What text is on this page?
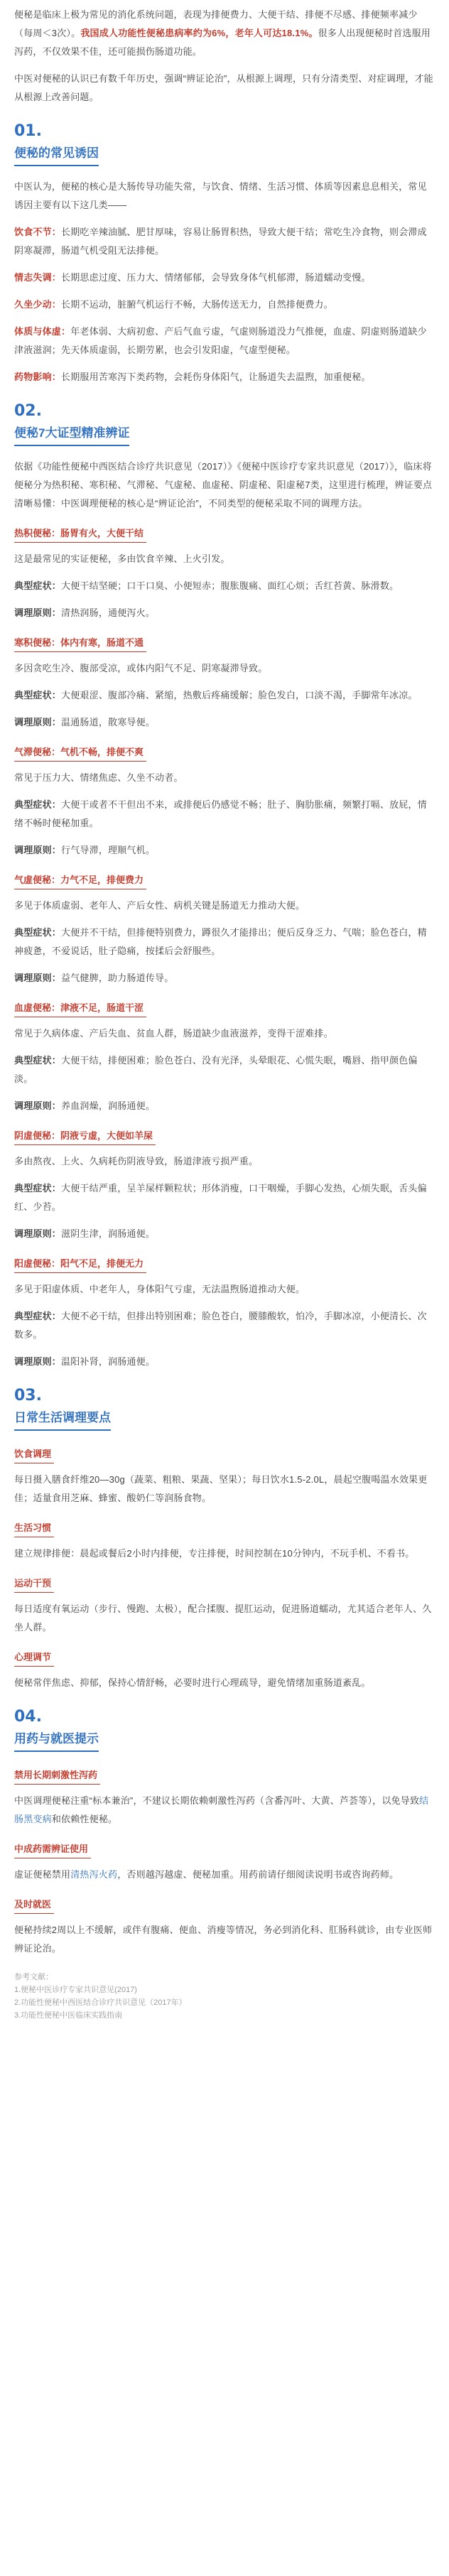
便秘是临床上极为常见的消化系统问题，表现为排便费力、大便干结、排便不尽感、排便频率减少（每周＜3次）。我国成人功能性便秘患病率约为6%，老年人可达18.1%。很多人出现便秘时首选服用泻药，不仅效果不佳，还可能损伤肠道功能。

中医对便秘的认识已有数千年历史，强调“辨证论治”，从根源上调理，只有分清类型、对症调理，才能从根源上改善问题。

01.
便秘的常见诱因

中医认为，便秘的核心是大肠传导功能失常，与饮食、情绪、生活习惯、体质等因素息息相关，常见诱因主要有以下这几类——

饮食不节：长期吃辛辣油腻、肥甘厚味，容易让肠胃积热，导致大便干结；常吃生冷食物，则会滞成阴寒凝滞，肠道气机受阻无法排便。

情志失调：长期思虑过度、压力大、情绪郁郁，会导致身体气机郁滞，肠道蠕动变慢。

久坐少动：长期不运动，脏腑气机运行不畅，大肠传送无力，自然排便费力。

体质与体虚：年老体弱、大病初愈、产后气血亏虚，气虚则肠道没力气推便，血虚、阴虚则肠道缺少津液滋润；先天体质虚弱，长期劳累，也会引发阳虚，气虚型便秘。

药物影响：长期服用苦寒泻下类药物，会耗伤身体阳气，让肠道失去温煦，加重便秘。

02.
便秘7大证型精准辨证

依据《功能性便秘中西医结合诊疗共识意见（2017）》《便秘中医诊疗专家共识意见（2017）》，临床将便秘分为热积秘、寒积秘、气滞秘、气虚秘、血虚秘、阴虚秘、阳虚秘7类，这里进行梳理，辨证要点清晰易懂：中医调理便秘的核心是“辨证论治”，不同类型的便秘采取不同的调理方法。

热积便秘：肠胃有火，大便干结

这是最常见的实证便秘，多由饮食辛辣、上火引发。

典型症状：大便干结坚硬；口干口臭、小便短赤；腹胀腹痛、面红心烦；舌红苔黄、脉滑数。

调理原则：清热润肠，通便泻火。

寒积便秘：体内有寒，肠道不通

多因贪吃生冷、腹部受凉，或体内阳气不足、阴寒凝滞导致。

典型症状：大便艰涩、腹部冷痛、紧缩，热敷后疼痛缓解；脸色发白，口淡不渴，手脚常年冰凉。

调理原则：温通肠道，散寒导便。

气滞便秘：气机不畅，排便不爽

常见于压力大、情绪焦虑、久坐不动者。

典型症状：大便干或者不干但出不来，或排便后仍感觉不畅；肚子、胸肋胀痛，频繁打嗝、放屁，情绪不畅时便秘加重。

调理原则：行气导滞，理顺气机。

气虚便秘：力气不足，排便费力

多见于体质虚弱、老年人、产后女性、病机关键是肠道无力推动大便。

典型症状：大便并不干结，但排便特别费力，蹲很久才能排出；便后反身乏力、气喘；脸色苍白，精神疲惫，不爱说话，肚子隐痛，按揉后会舒服些。

调理原则：益气健脾，助力肠道传导。

血虚便秘：津液不足，肠道干涩

常见于久病体虚、产后失血、贫血人群，肠道缺少血液滋养，变得干涩难排。

典型症状：大便干结，排便困难；脸色苍白、没有光泽，头晕眼花、心慌失眠，嘴唇、指甲颜色偏淡。

调理原则：养血润燥，润肠通便。

阴虚便秘：阴液亏虚，大便如羊屎

多由熬夜、上火、久病耗伤阴液导致，肠道津液亏损严重。

典型症状：大便干结严重，呈羊屎样颗粒状；形体消瘦，口干咽燥，手脚心发热，心烦失眠，舌头偏红、少苔。

调理原则：滋阴生津，润肠通便。

阳虚便秘：阳气不足，排便无力

多见于阳虚体质、中老年人，身体阳气亏虚，无法温煦肠道推动大便。

典型症状：大便不必干结，但排出特别困难；脸色苍白，腰膝酸软，怕冷，手脚冰凉，小便清长、次数多。

调理原则：温阳补肾，润肠通便。

03.
日常生活调理要点
饮食调理

每日摄入膳食纤维20—30g（蔬菜、粗粮、果蔬、坚果）；每日饮水1.5-2.0L，晨起空腹喝温水效果更佳；适量食用芝麻、蜂蜜、酸奶仁等润肠食物。

生活习惯

建立规律排便：晨起或餐后2小时内排便，专注排便，时间控制在10分钟内，不玩手机、不看书。

运动干预

每日适度有氧运动（步行、慢跑、太极），配合揉腹、提肛运动，促进肠道蠕动，尤其适合老年人、久坐人群。

心理调节

便秘常伴焦虑、抑郁，保持心情舒畅，必要时进行心理疏导，避免情绪加重肠道紊乱。

04.
用药与就医提示
禁用长期刺激性泻药

中医调理便秘注重“标本兼治”，不建议长期依赖刺激性泻药（含番泻叶、大黄、芦荟等），以免导致结肠黑变病和依赖性便秘。

中成药需辨证使用

虚证便秘禁用清热泻火药，否则越泻越虚、便秘加重。用药前请仔细阅读说明书或咨询药师。

及时就医

便秘持续2周以上不缓解，或伴有腹痛、便血、消瘦等情况，务必到消化科、肛肠科就诊，由专业医师辨证论治。

参考文献：

1.便秘中医诊疗专家共识意见(2017)

2.功能性便秘中西医结合诊疗共识意见（2017年）

3.功能性便秘中医临床实践指南
